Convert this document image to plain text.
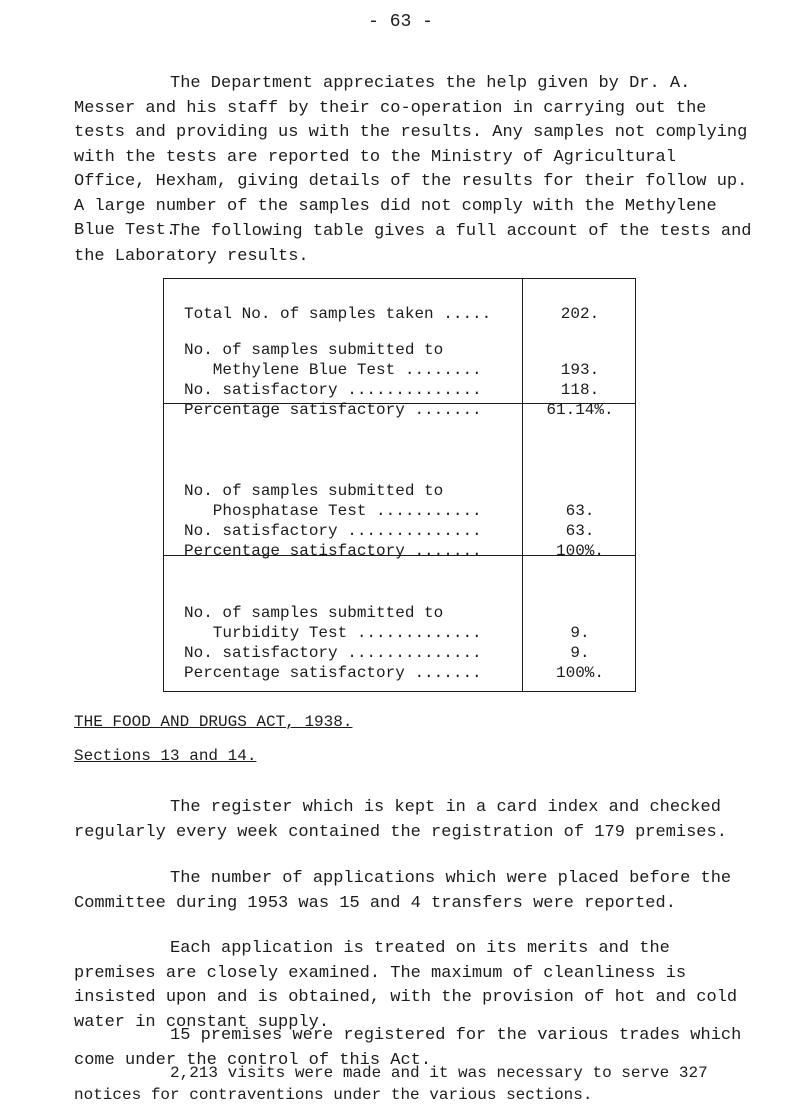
- 63 -

The Department appreciates the help given by Dr. A. Messer and his staff by their co-operation in carrying out the tests and providing us with the results. Any samples not complying with the tests are reported to the Ministry of Agricultural Office, Hexham, giving details of the results for their follow up. A large number of the samples did not comply with the Methylene Blue Test.

The following table gives a full account of the tests and the Laboratory results.

Total No. of samples taken .....	202.
No. of samples submitted to
Methylene Blue Test ........	193.
No. satisfactory ..............	118.
Percentage satisfactory .......	61.14%.
No. of samples submitted to
Phosphatase Test ...........	63.
No. satisfactory ..............	63.
Percentage satisfactory .......	100%.
No. of samples submitted to
Turbidity Test .............	9.
No. satisfactory ..............	9.
Percentage satisfactory .......	100%.

THE FOOD AND DRUGS ACT, 1938.

Sections 13 and 14.

The register which is kept in a card index and checked regularly every week contained the registration of 179 premises.

The number of applications which were placed before the Committee during 1953 was 15 and 4 transfers were reported.

Each application is treated on its merits and the premises are closely examined. The maximum of cleanliness is insisted upon and is obtained, with the provision of hot and cold water in constant supply.

15 premises were registered for the various trades which come under the control of this Act.

2,213 visits were made and it was necessary to serve 327 notices for contraventions under the various sections.
